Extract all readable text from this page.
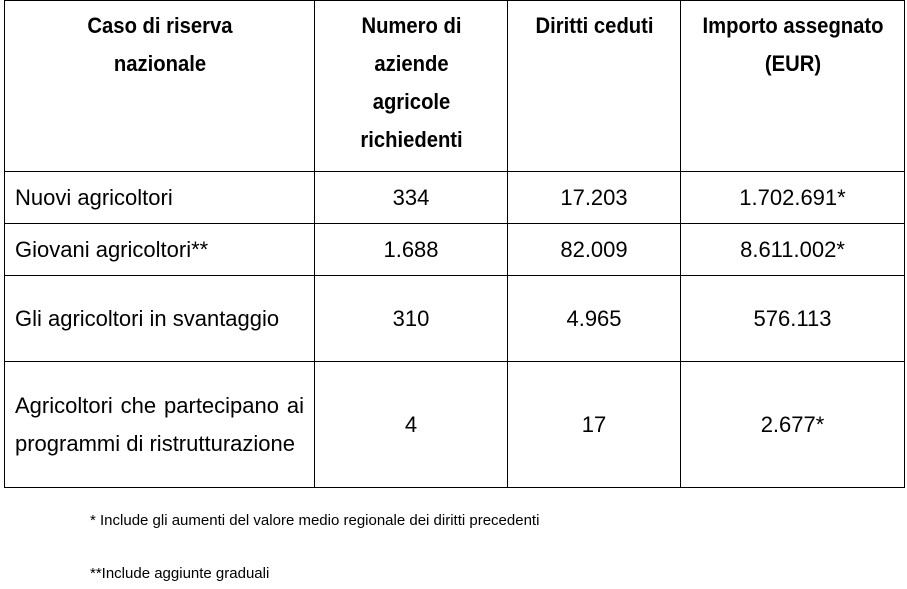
Caso di riserva nazionale	Numero di aziende agricole richiedenti	Diritti ceduti	Importo assegnato (EUR)

Nuovi agricoltori	334	17.203	1.702.691*
Giovani agricoltori**	1.688	82.009	8.611.002*
Gli agricoltori in svantaggio	310	4.965	576.113
Agricoltori che partecipano ai programmi di ristrutturazione	4	17	2.677*
* Include gli aumenti del valore medio regionale dei diritti precedenti
**Include aggiunte graduali
